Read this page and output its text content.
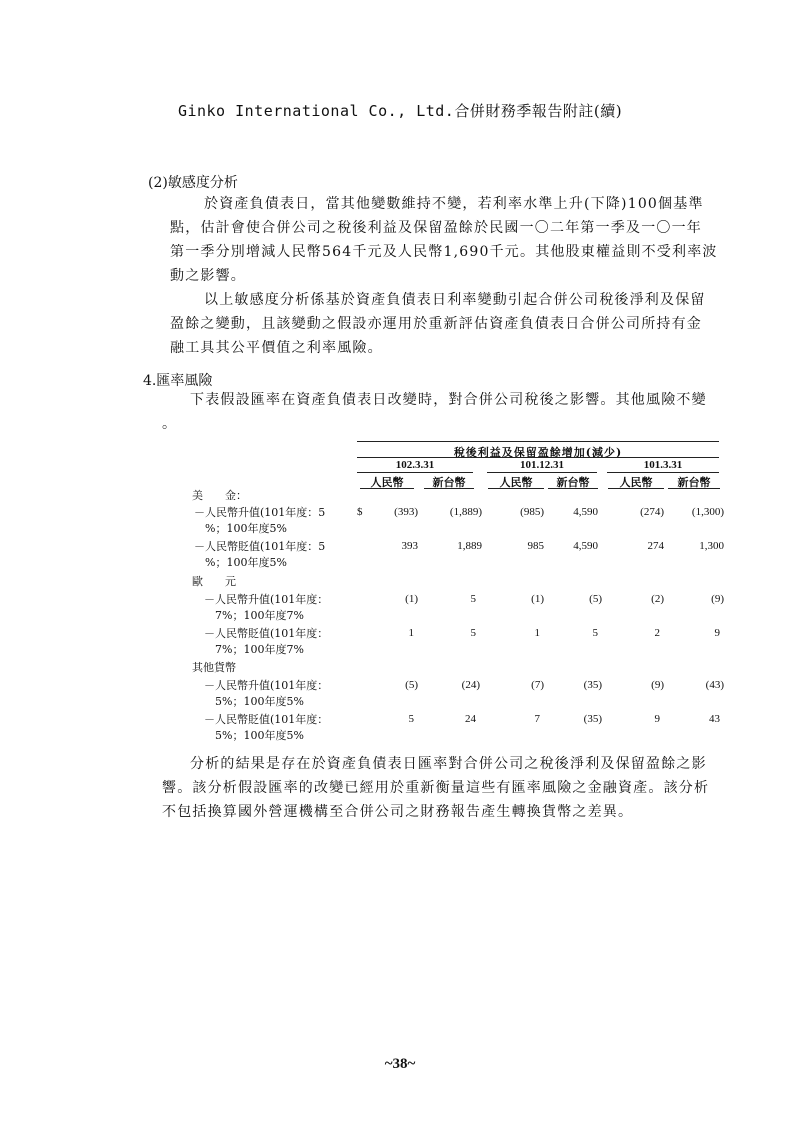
Ginko International Co., Ltd.合併財務季報告附註(續)
(2)敏感度分析
於資產負債表日，當其他變數維持不變，若利率水準上升(下降)100個基準
點，估計會使合併公司之稅後利益及保留盈餘於民國一〇二年第一季及一〇一年
第一季分別增減人民幣564千元及人民幣1,690千元。其他股東權益則不受利率波
動之影響。
以上敏感度分析係基於資產負債表日利率變動引起合併公司稅後淨利及保留
盈餘之變動，且該變動之假設亦運用於重新評估資產負債表日合併公司所持有金
融工具其公平價值之利率風險。
4.匯率風險
下表假設匯率在資產負債表日改變時，對合併公司稅後之影響。其他風險不變
。
稅後利益及保留盈餘增加(減少)
102.3.31	101.12.31	101.3.31
人民幣	新台幣	人民幣	新台幣	人民幣	新台幣
美　　金：
－人民幣升值(101年度：5
　%；100年度5%
$	(393)	(1,889)	(985)	4,590	(274)	(1,300)
－人民幣貶值(101年度：5
　%；100年度5%
393	1,889	985	4,590	274	1,300
歐　　元
－人民幣升值(101年度：
　7%；100年度7%
(1)	5	(1)	(5)	(2)	(9)
－人民幣貶值(101年度：
　7%；100年度7%
1	5	1	5	2	9
其他貨幣
－人民幣升值(101年度：
　5%；100年度5%
(5)	(24)	(7)	(35)	(9)	(43)
－人民幣貶值(101年度：
　5%；100年度5%
5	24	7	(35)	9	43
分析的結果是存在於資產負債表日匯率對合併公司之稅後淨利及保留盈餘之影
響。該分析假設匯率的改變已經用於重新衡量這些有匯率風險之金融資產。該分析
不包括換算國外營運機構至合併公司之財務報告產生轉換貨幣之差異。
~38~
